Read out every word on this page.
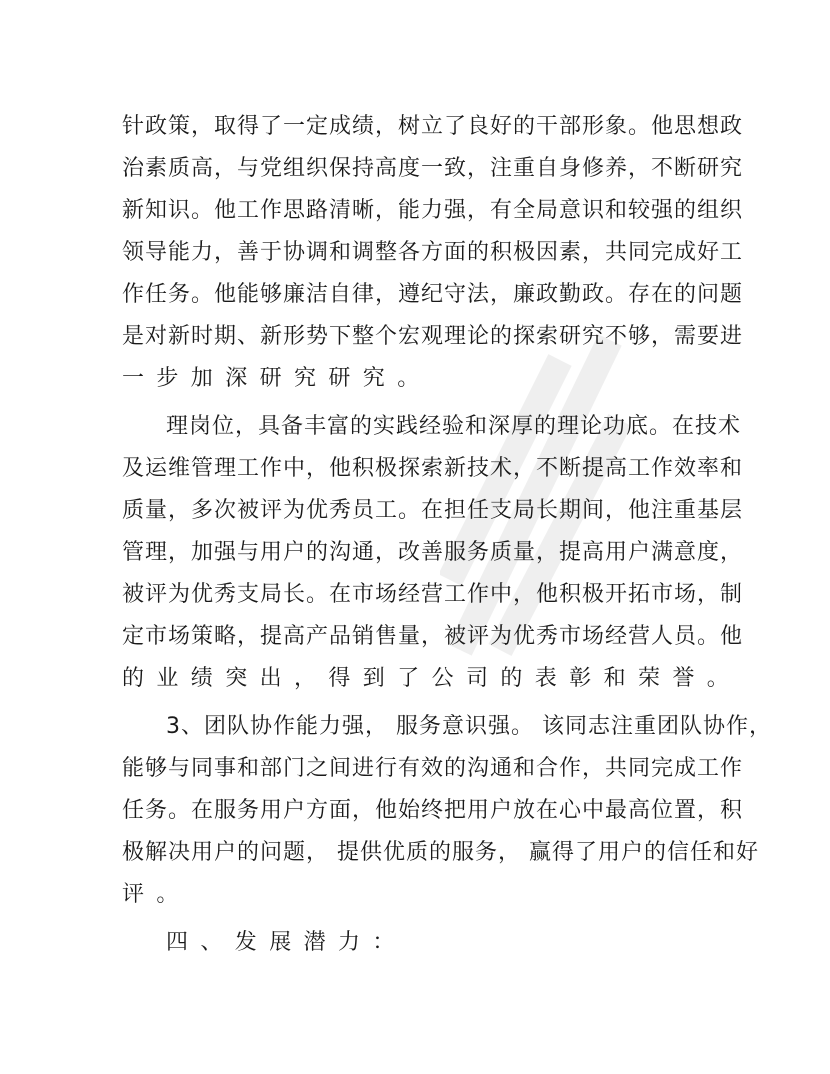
针政策，取得了一定成绩，树立了良好的干部形象。他思想政
治素质高，与党组织保持高度一致，注重自身修养，不断研究
新知识。他工作思路清晰，能力强，有全局意识和较强的组织
领导能力，善于协调和调整各方面的积极因素，共同完成好工
作任务。他能够廉洁自律，遵纪守法，廉政勤政。存在的问题
是对新时期、新形势下整个宏观理论的探索研究不够，需要进
一步加深研究研究。
理岗位，具备丰富的实践经验和深厚的理论功底。在技术
及运维管理工作中，他积极探索新技术，不断提高工作效率和
质量，多次被评为优秀员工。在担任支局长期间，他注重基层
管理，加强与用户的沟通，改善服务质量，提高用户满意度，
被评为优秀支局长。在市场经营工作中，他积极开拓市场，制
定市场策略，提高产品销售量，被评为优秀市场经营人员。他
的业绩突出，得到了公司的表彰和荣誉。
3、团队协作能力强， 服务意识强。 该同志注重团队协作，
能够与同事和部门之间进行有效的沟通和合作，共同完成工作
任务。在服务用户方面，他始终把用户放在心中最高位置，积
极解决用户的问题， 提供优质的服务， 赢得了用户的信任和好
评。
四、发展潜力：
